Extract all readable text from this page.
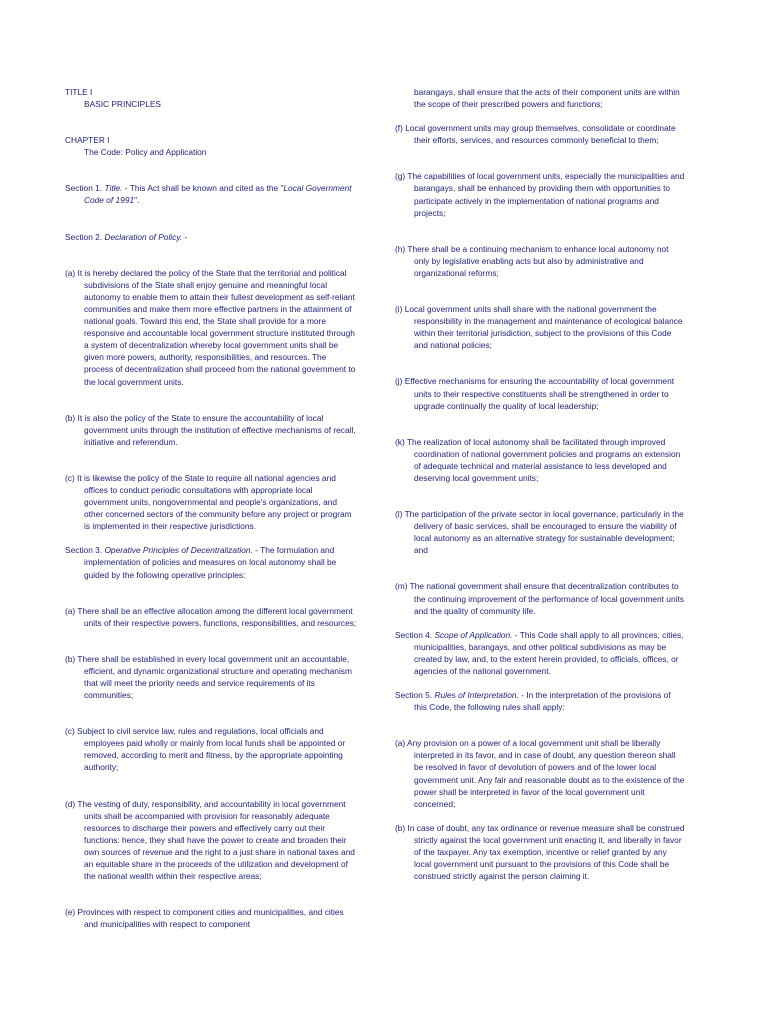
TITLE I
BASIC PRINCIPLES
CHAPTER I
The Code: Policy and Application

Section 1. Title. - This Act shall be known and cited as the "Local Government Code of 1991".

Section 2. Declaration of Policy. -

(a) It is hereby declared the policy of the State that the territorial and political subdivisions of the State shall enjoy genuine and meaningful local autonomy to enable them to attain their fullest development as self-reliant communities and make them more effective partners in the attainment of national goals. Toward this end, the State shall provide for a more responsive and accountable local government structure instituted through a system of decentralization whereby local government units shall be given more powers, authority, responsibilities, and resources. The process of decentralization shall proceed from the national government to the local government units.

(b) It is also the policy of the State to ensure the accountability of local government units through the institution of effective mechanisms of recall, initiative and referendum.

(c) It is likewise the policy of the State to require all national agencies and offices to conduct periodic consultations with appropriate local government units, nongovernmental and people's organizations, and other concerned sectors of the community before any project or program is implemented in their respective jurisdictions.

Section 3. Operative Principles of Decentralization. - The formulation and implementation of policies and measures on local autonomy shall be guided by the following operative principles:

(a) There shall be an effective allocation among the different local government units of their respective powers, functions, responsibilities, and resources;

(b) There shall be established in every local government unit an accountable, efficient, and dynamic organizational structure and operating mechanism that will meet the priority needs and service requirements of its communities;

(c) Subject to civil service law, rules and regulations, local officials and employees paid wholly or mainly from local funds shall be appointed or removed, according to merit and fitness, by the appropriate appointing authority;

(d) The vesting of duty, responsibility, and accountability in local government units shall be accompanied with provision for reasonably adequate resources to discharge their powers and effectively carry out their functions: hence, they shall have the power to create and broaden their own sources of revenue and the right to a just share in national taxes and an equitable share in the proceeds of the utilization and development of the national wealth within their respective areas;

(e) Provinces with respect to component cities and municipalities, and cities and municipalities with respect to component

barangays, shall ensure that the acts of their component units are within the scope of their prescribed powers and functions;

(f) Local government units may group themselves, consolidate or coordinate their efforts, services, and resources commonly beneficial to them;

(g) The capabilities of local government units, especially the municipalities and barangays, shall be enhanced by providing them with opportunities to participate actively in the implementation of national programs and projects;

(h) There shall be a continuing mechanism to enhance local autonomy not only by legislative enabling acts but also by administrative and organizational reforms;

(i) Local government units shall share with the national government the responsibility in the management and maintenance of ecological balance within their territorial jurisdiction, subject to the provisions of this Code and national policies;

(j) Effective mechanisms for ensuring the accountability of local government units to their respective constituents shall be strengthened in order to upgrade continually the quality of local leadership;

(k) The realization of local autonomy shall be facilitated through improved coordination of national government policies and programs an extension of adequate technical and material assistance to less developed and deserving local government units;

(l) The participation of the private sector in local governance, particularly in the delivery of basic services, shall be encouraged to ensure the viability of local autonomy as an alternative strategy for sustainable development; and

(m) The national government shall ensure that decentralization contributes to the continuing improvement of the performance of local government units and the quality of community life.

Section 4. Scope of Application. - This Code shall apply to all provinces, cities, municipalities, barangays, and other political subdivisions as may be created by law, and, to the extent herein provided, to officials, offices, or agencies of the national government.

Section 5. Rules of Interpretation. - In the interpretation of the provisions of this Code, the following rules shall apply:

(a) Any provision on a power of a local government unit shall be liberally interpreted in its favor, and in case of doubt, any question thereon shall be resolved in favor of devolution of powers and of the lower local government unit. Any fair and reasonable doubt as to the existence of the power shall be interpreted in favor of the local government unit concerned;

(b) In case of doubt, any tax ordinance or revenue measure shall be construed strictly against the local government unit enacting it, and liberally in favor of the taxpayer. Any tax exemption, incentive or relief granted by any local government unit pursuant to the provisions of this Code shall be construed strictly against the person claiming it.
